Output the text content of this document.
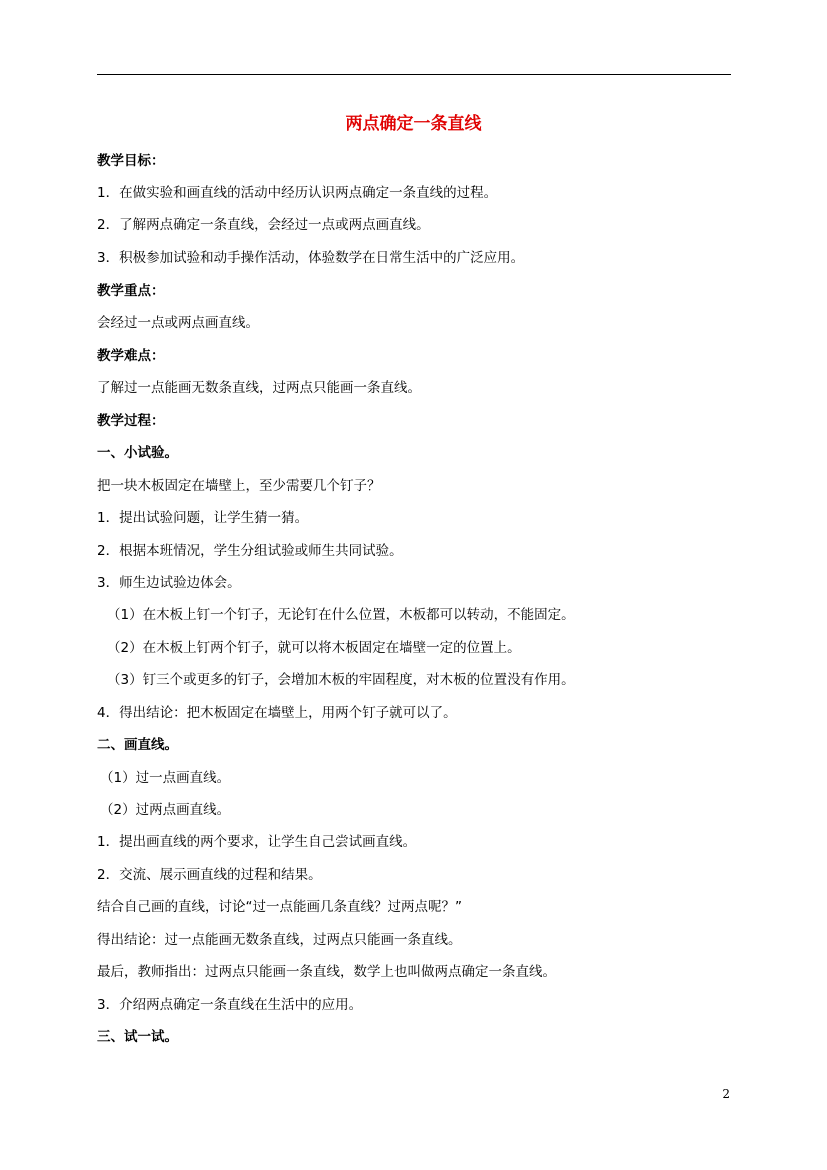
两点确定一条直线
教学目标：
1．在做实验和画直线的活动中经历认识两点确定一条直线的过程。
2．了解两点确定一条直线，会经过一点或两点画直线。
3．积极参加试验和动手操作活动，体验数学在日常生活中的广泛应用。
教学重点：
会经过一点或两点画直线。
教学难点：
了解过一点能画无数条直线，过两点只能画一条直线。
教学过程：
一、小试验。
把一块木板固定在墙壁上，至少需要几个钉子？
1．提出试验问题，让学生猜一猜。
2．根据本班情况，学生分组试验或师生共同试验。
3．师生边试验边体会。
（1）在木板上钉一个钉子，无论钉在什么位置，木板都可以转动，不能固定。
（2）在木板上钉两个钉子，就可以将木板固定在墙壁一定的位置上。
（3）钉三个或更多的钉子，会增加木板的牢固程度，对木板的位置没有作用。
4．得出结论：把木板固定在墙壁上，用两个钉子就可以了。
二、画直线。
（1）过一点画直线。
（2）过两点画直线。
1．提出画直线的两个要求，让学生自己尝试画直线。
2．交流、展示画直线的过程和结果。
结合自己画的直线，讨论“过一点能画几条直线？过两点呢？”
得出结论：过一点能画无数条直线，过两点只能画一条直线。
最后，教师指出：过两点只能画一条直线，数学上也叫做两点确定一条直线。
3．介绍两点确定一条直线在生活中的应用。
三、试一试。
2
